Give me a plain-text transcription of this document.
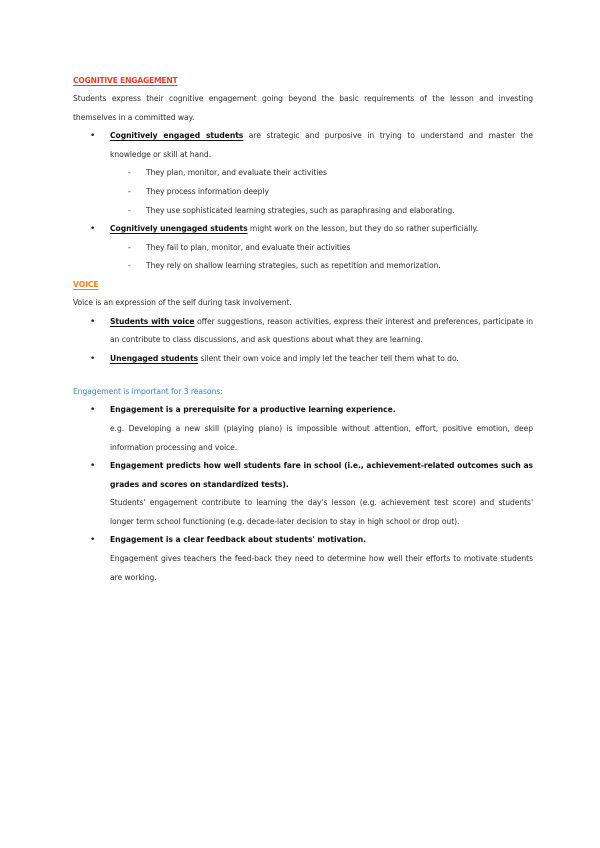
COGNITIVE ENGAGEMENT

Students express their cognitive engagement going beyond the basic requirements of the lesson and investing themselves in a committed way.

• Cognitively engaged students are strategic and purposive in trying to understand and master the knowledge or skill at hand.
- They plan, monitor, and evaluate their activities
- They process information deeply
- They use sophisticated learning strategies, such as paraphrasing and elaborating.
• Cognitively unengaged students might work on the lesson, but they do so rather superficially.
- They fail to plan, monitor, and evaluate their activities
- They rely on shallow learning strategies, such as repetition and memorization.
VOICE

Voice is an expression of the self during task involvement.

• Students with voice offer suggestions, reason activities, express their interest and preferences, participate in an contribute to class discussions, and ask questions about what they are learning.
• Unengaged students silent their own voice and imply let the teacher tell them what to do.
Engagement is important for 3 reasons:
• Engagement is a prerequisite for a productive learning experience.
e.g. Developing a new skill (playing piano) is impossible without attention, effort, positive emotion, deep information processing and voice.
• Engagement predicts how well students fare in school (i.e., achievement-related outcomes such as grades and scores on standardized tests).
Students' engagement contribute to learning the day's lesson (e.g. achievement test score) and students' longer term school functioning (e.g. decade-later decision to stay in high school or drop out).
• Engagement is a clear feedback about students' motivation.
Engagement gives teachers the feed-back they need to determine how well their efforts to motivate students are working.
